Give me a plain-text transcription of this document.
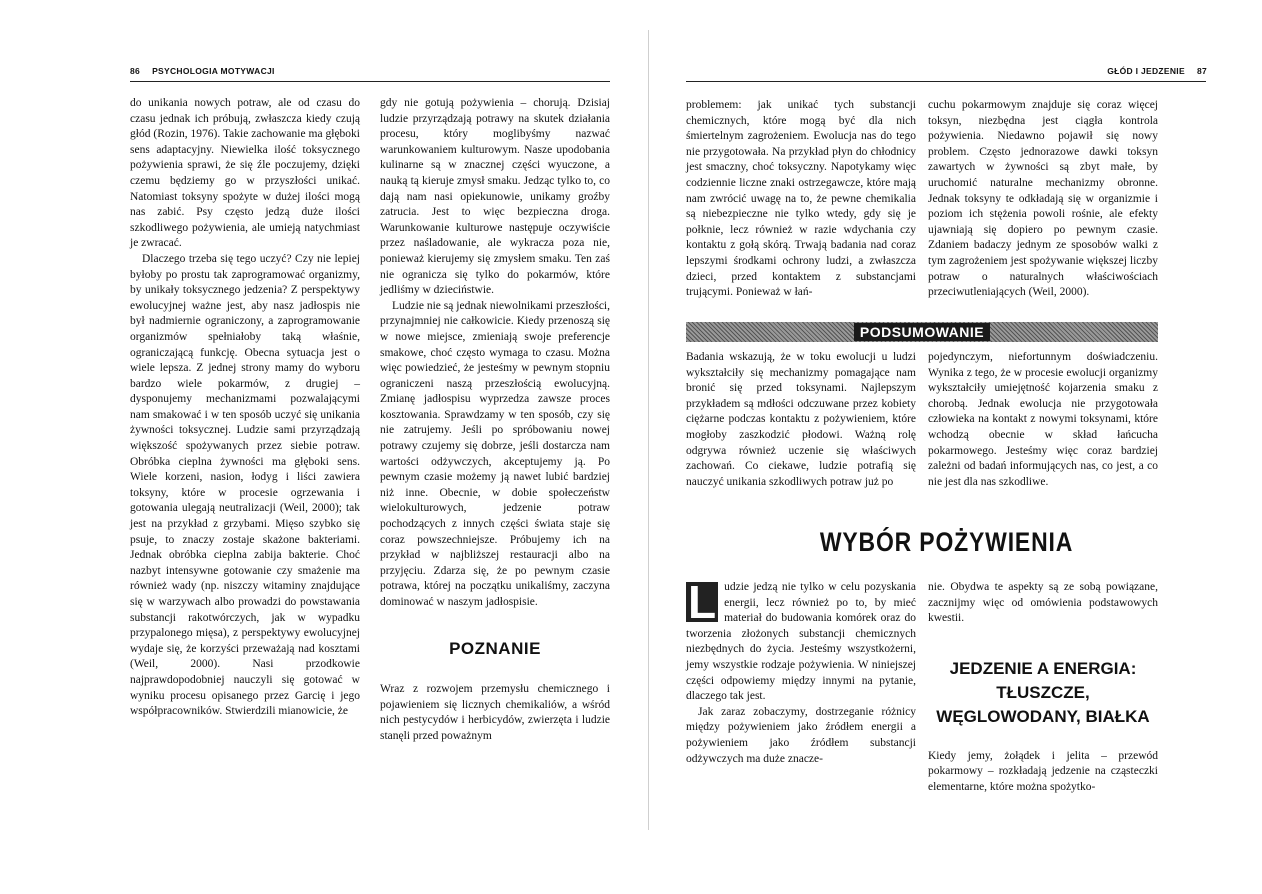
86 PSYCHOLOGIA MOTYWACJI

do unikania nowych potraw, ale od czasu do czasu jednak ich próbują, zwłaszcza kiedy czują głód (Rozin, 1976). Takie zachowanie ma głęboki sens adaptacyjny. Niewielka ilość toksycznego pożywienia sprawi, że się źle poczujemy, dzięki czemu będziemy go w przyszłości unikać. Natomiast toksyny spożyte w dużej ilości mogą nas zabić. Psy często jedzą duże ilości szkodliwego pożywienia, ale umieją natychmiast je zwracać.

Dlaczego trzeba się tego uczyć? Czy nie lepiej byłoby po prostu tak zaprogramować organizmy, by unikały toksycznego jedzenia? Z perspektywy ewolucyjnej ważne jest, aby nasz jadłospis nie był nadmiernie ograniczony, a zaprogramowanie organizmów spełniałoby taką właśnie, ograniczającą funkcję. Obecna sytuacja jest o wiele lepsza. Z jednej strony mamy do wyboru bardzo wiele pokarmów, z drugiej – dysponujemy mechanizmami pozwalającymi nam smakować i w ten sposób uczyć się unikania żywności toksycznej. Ludzie sami przyrządzają większość spożywanych przez siebie potraw. Obróbka cieplna żywności ma głęboki sens. Wiele korzeni, nasion, łodyg i liści zawiera toksyny, które w procesie ogrzewania i gotowania ulegają neutralizacji (Weil, 2000); tak jest na przykład z grzybami. Mięso szybko się psuje, to znaczy zostaje skażone bakteriami. Jednak obróbka cieplna zabija bakterie. Choć nazbyt intensywne gotowanie czy smażenie ma również wady (np. niszczy witaminy znajdujące się w warzywach albo prowadzi do powstawania substancji rakotwórczych, jak w wypadku przypalonego mięsa), z perspektywy ewolucyjnej wydaje się, że korzyści przeważają nad kosztami (Weil, 2000). Nasi przodkowie najprawdopodobniej nauczyli się gotować w wyniku procesu opisanego przez Garcię i jego współpracowników. Stwierdzili mianowicie, że

gdy nie gotują pożywienia – chorują. Dzisiaj ludzie przyrządzają potrawy na skutek działania procesu, który moglibyśmy nazwać warunkowaniem kulturowym. Nasze upodobania kulinarne są w znacznej części wyuczone, a nauką tą kieruje zmysł smaku. Jedząc tylko to, co dają nam nasi opiekunowie, unikamy groźby zatrucia. Jest to więc bezpieczna droga. Warunkowanie kulturowe następuje oczywiście przez naśladowanie, ale wykracza poza nie, ponieważ kierujemy się zmysłem smaku. Ten zaś nie ogranicza się tylko do pokarmów, które jedliśmy w dzieciństwie.

Ludzie nie są jednak niewolnikami przeszłości, przynajmniej nie całkowicie. Kiedy przenoszą się w nowe miejsce, zmieniają swoje preferencje smakowe, choć często wymaga to czasu. Można więc powiedzieć, że jesteśmy w pewnym stopniu ograniczeni naszą przeszłością ewolucyjną. Zmianę jadłospisu wyprzedza zawsze proces kosztowania. Sprawdzamy w ten sposób, czy się nie zatrujemy. Jeśli po spróbowaniu nowej potrawy czujemy się dobrze, jeśli dostarcza nam wartości odżywczych, akceptujemy ją. Po pewnym czasie możemy ją nawet lubić bardziej niż inne. Obecnie, w dobie społeczeństw wielokulturowych, jedzenie potraw pochodzących z innych części świata staje się coraz powszechniejsze. Próbujemy ich na przykład w najbliższej restauracji albo na przyjęciu. Zdarza się, że po pewnym czasie potrawa, której na początku unikaliśmy, zaczyna dominować w naszym jadłospisie.

POZNANIE

Wraz z rozwojem przemysłu chemicznego i pojawieniem się licznych chemikaliów, a wśród nich pestycydów i herbicydów, zwierzęta i ludzie stanęli przed poważnym

GŁÓD I JEDZENIE 87

problemem: jak unikać tych substancji chemicznych, które mogą być dla nich śmiertelnym zagrożeniem. Ewolucja nas do tego nie przygotowała. Na przykład płyn do chłodnicy jest smaczny, choć toksyczny. Napotykamy więc codziennie liczne znaki ostrzegawcze, które mają nam zwrócić uwagę na to, że pewne chemikalia są niebezpieczne nie tylko wtedy, gdy się je połknie, lecz również w razie wdychania czy kontaktu z gołą skórą. Trwają badania nad coraz lepszymi środkami ochrony ludzi, a zwłaszcza dzieci, przed kontaktem z substancjami trującymi. Ponieważ w łań-

cuchu pokarmowym znajduje się coraz więcej toksyn, niezbędna jest ciągła kontrola pożywienia. Niedawno pojawił się nowy problem. Często jednorazowe dawki toksyn zawartych w żywności są zbyt małe, by uruchomić naturalne mechanizmy obronne. Jednak toksyny te odkładają się w organizmie i poziom ich stężenia powoli rośnie, ale efekty ujawniają się dopiero po pewnym czasie. Zdaniem badaczy jednym ze sposobów walki z tym zagrożeniem jest spożywanie większej liczby potraw o naturalnych właściwościach przeciwutleniających (Weil, 2000).

PODSUMOWANIE

Badania wskazują, że w toku ewolucji u ludzi wykształciły się mechanizmy pomagające nam bronić się przed toksynami. Najlepszym przykładem są mdłości odczuwane przez kobiety ciężarne podczas kontaktu z pożywieniem, które mogłoby zaszkodzić płodowi. Ważną rolę odgrywa również uczenie się właściwych zachowań. Co ciekawe, ludzie potrafią się nauczyć unikania szkodliwych potraw już po

pojedynczym, niefortunnym doświadczeniu. Wynika z tego, że w procesie ewolucji organizmy wykształciły umiejętność kojarzenia smaku z chorobą. Jednak ewolucja nie przygotowała człowieka na kontakt z nowymi toksynami, które wchodzą obecnie w skład łańcucha pokarmowego. Jesteśmy więc coraz bardziej zależni od badań informujących nas, co jest, a co nie jest dla nas szkodliwe.

WYBÓR POŻYWIENIA

L udzie jedzą nie tylko w celu pozyskania energii, lecz również po to, by mieć materiał do budowania komórek oraz do tworzenia złożonych substancji chemicznych niezbędnych do życia. Jesteśmy wszystkożerni, jemy wszystkie rodzaje pożywienia. W niniejszej części odpowiemy między innymi na pytanie, dlaczego tak jest.

Jak zaraz zobaczymy, dostrzeganie różnicy między pożywieniem jako źródłem energii a pożywieniem jako źródłem substancji odżywczych ma duże znacze-

nie. Obydwa te aspekty są ze sobą powiązane, zacznijmy więc od omówienia podstawowych kwestii.

JEDZENIE A ENERGIA: TŁUSZCZE,
WĘGLOWODANY, BIAŁKA

Kiedy jemy, żołądek i jelita – przewód pokarmowy – rozkładają jedzenie na cząsteczki elementarne, które można spożytko-
